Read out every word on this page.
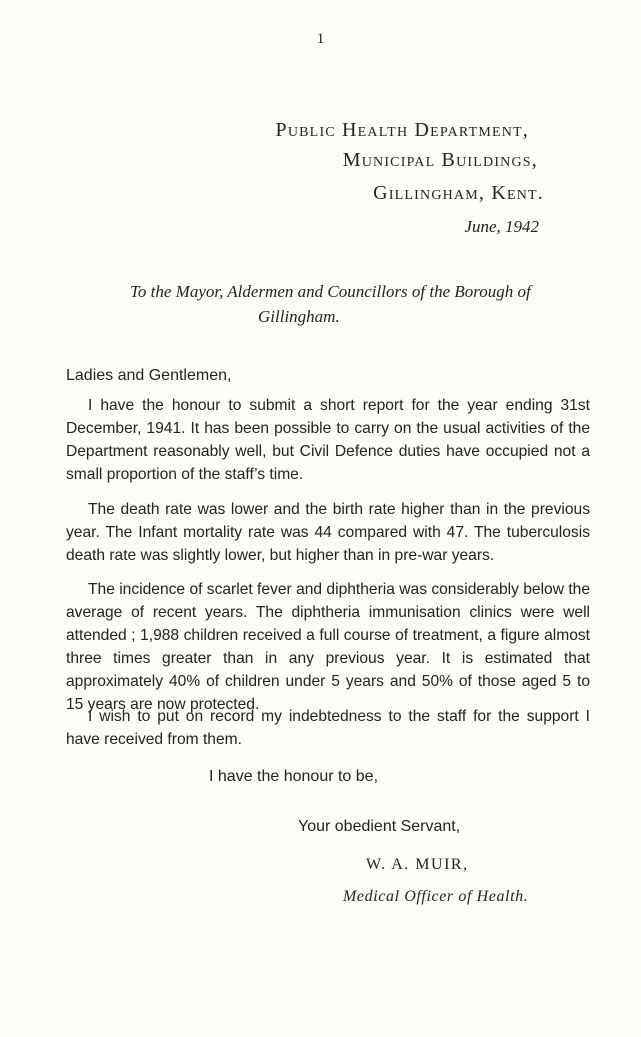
1
Public Health Department,
Municipal Buildings,
Gillingham, Kent.
June, 1942
To the Mayor, Aldermen and Councillors of the Borough of
Gillingham.
Ladies and Gentlemen,

I have the honour to submit a short report for the year ending 31st December, 1941. It has been possible to carry on the usual activities of the Department reasonably well, but Civil Defence duties have occupied not a small proportion of the staff’s time.

The death rate was lower and the birth rate higher than in the previous year. The Infant mortality rate was 44 compared with 47. The tuberculosis death rate was slightly lower, but higher than in pre-war years.

The incidence of scarlet fever and diphtheria was considerably below the average of recent years. The diphtheria immunisation clinics were well attended ; 1,988 children received a full course of treatment, a figure almost three times greater than in any previous year. It is estimated that approximately 40% of children under 5 years and 50% of those aged 5 to 15 years are now protected.

I wish to put on record my indebtedness to the staff for the support I have received from them.

I have the honour to be,
Your obedient Servant,
W. A. MUIR,
Medical Officer of Health.
